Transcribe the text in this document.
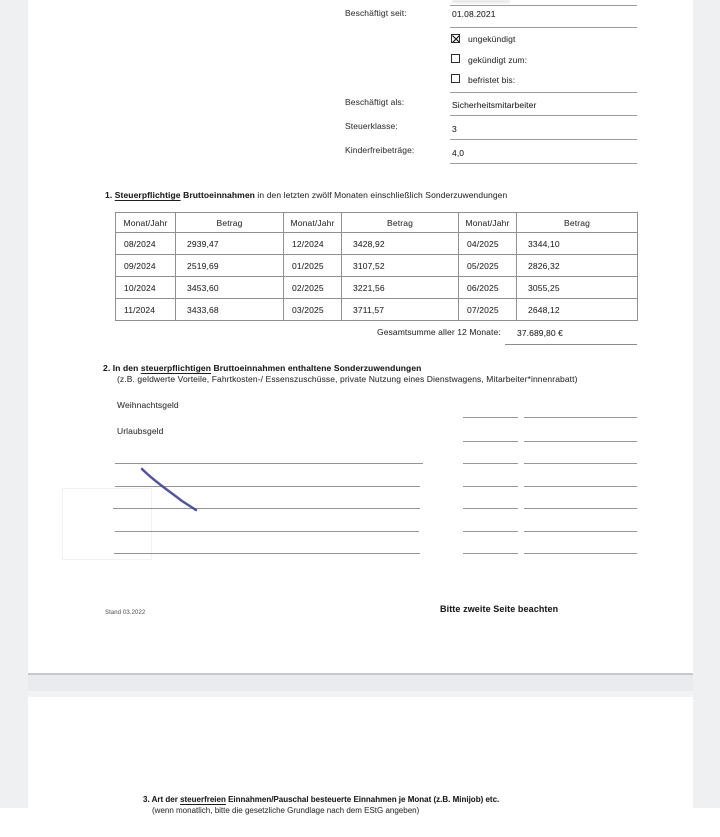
Beschäftigt seit:	01.08.2021
ungekündigt
gekündigt zum:
befristet bis:
Beschäftigt als:	Sicherheitsmitarbeiter
Steuerklasse:	3
Kinderfreibeträge:	4,0
1. Steuerpflichtige Bruttoeinnahmen in den letzten zwölf Monaten einschließlich Sonderzuwendungen
Monat/Jahr	Betrag	Monat/Jahr	Betrag	Monat/Jahr	Betrag
08/2024	2939,47	12/2024	3428,92	04/2025	3344,10
09/2024	2519,69	01/2025	3107,52	05/2025	2826,32
10/2024	3453,60	02/2025	3221,56	06/2025	3055,25
11/2024	3433,68	03/2025	3711,57	07/2025	2648,12
Gesamtsumme aller 12 Monate: 37.689,80 €
2. In den steuerpflichtigen Bruttoeinnahmen enthaltene Sonderzuwendungen
(z.B. geldwerte Vorteile, Fahrtkosten-/ Essenszuschüsse, private Nutzung eines Dienstwagens, Mitarbeiter*innenrabatt)
Weihnachtsgeld
Urlaubsgeld
Stand 03.2022	Bitte zweite Seite beachten
3. Art der steuerfreien Einnahmen/Pauschal besteuerte Einnahmen je Monat (z.B. Minijob) etc.
(wenn monatlich, bitte die gesetzliche Grundlage nach dem EStG angeben)
